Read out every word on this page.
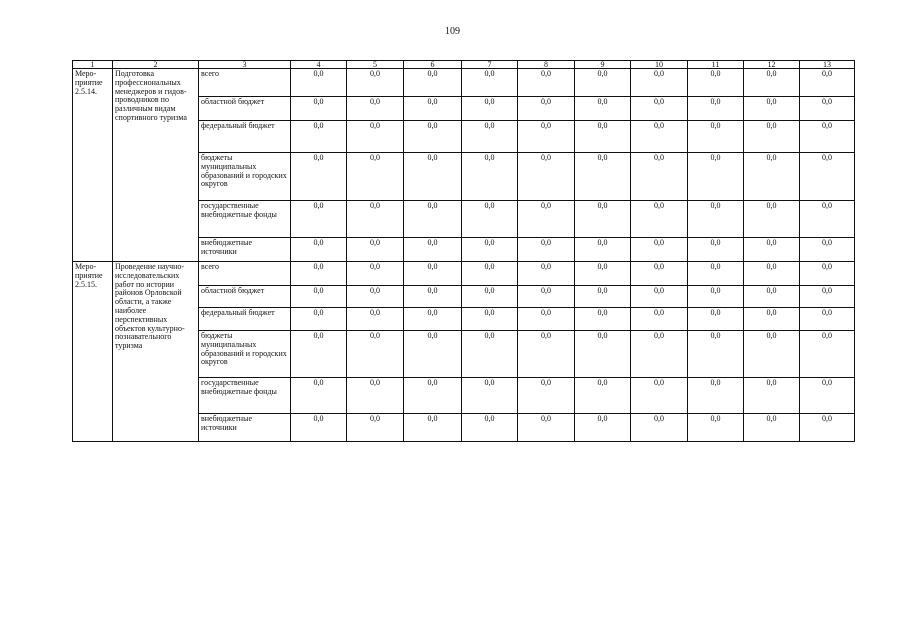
109
1	2	3	4	5	6	7	8	9	10	11	12	13

Меро-
приятие
2.5.14.	Подготовка профессиональных менеджеров и гидов-проводников по различным видам спортивного туризма	всего	0,0	0,0	0,0	0,0	0,0	0,0	0,0	0,0	0,0	0,0
		областной бюджет	0,0	0,0	0,0	0,0	0,0	0,0	0,0	0,0	0,0	0,0
		федеральный бюджет	0,0	0,0	0,0	0,0	0,0	0,0	0,0	0,0	0,0	0,0
		бюджеты муниципальных образований и городских округов	0,0	0,0	0,0	0,0	0,0	0,0	0,0	0,0	0,0	0,0
		государственные внебюджетные фонды	0,0	0,0	0,0	0,0	0,0	0,0	0,0	0,0	0,0	0,0
		внебюджетные источники	0,0	0,0	0,0	0,0	0,0	0,0	0,0	0,0	0,0	0,0

Меро-
приятие
2.5.15.	Проведение научно-исследовательских работ по истории районов Орловской области, а также наиболее перспективных объектов культурно-познавательного туризма	всего	0,0	0,0	0,0	0,0	0,0	0,0	0,0	0,0	0,0	0,0
		областной бюджет	0,0	0,0	0,0	0,0	0,0	0,0	0,0	0,0	0,0	0,0
		федеральный бюджет	0,0	0,0	0,0	0,0	0,0	0,0	0,0	0,0	0,0	0,0
		бюджеты муниципальных образований и городских округов	0,0	0,0	0,0	0,0	0,0	0,0	0,0	0,0	0,0	0,0
		государственные внебюджетные фонды	0,0	0,0	0,0	0,0	0,0	0,0	0,0	0,0	0,0	0,0
		внебюджетные источники	0,0	0,0	0,0	0,0	0,0	0,0	0,0	0,0	0,0	0,0
